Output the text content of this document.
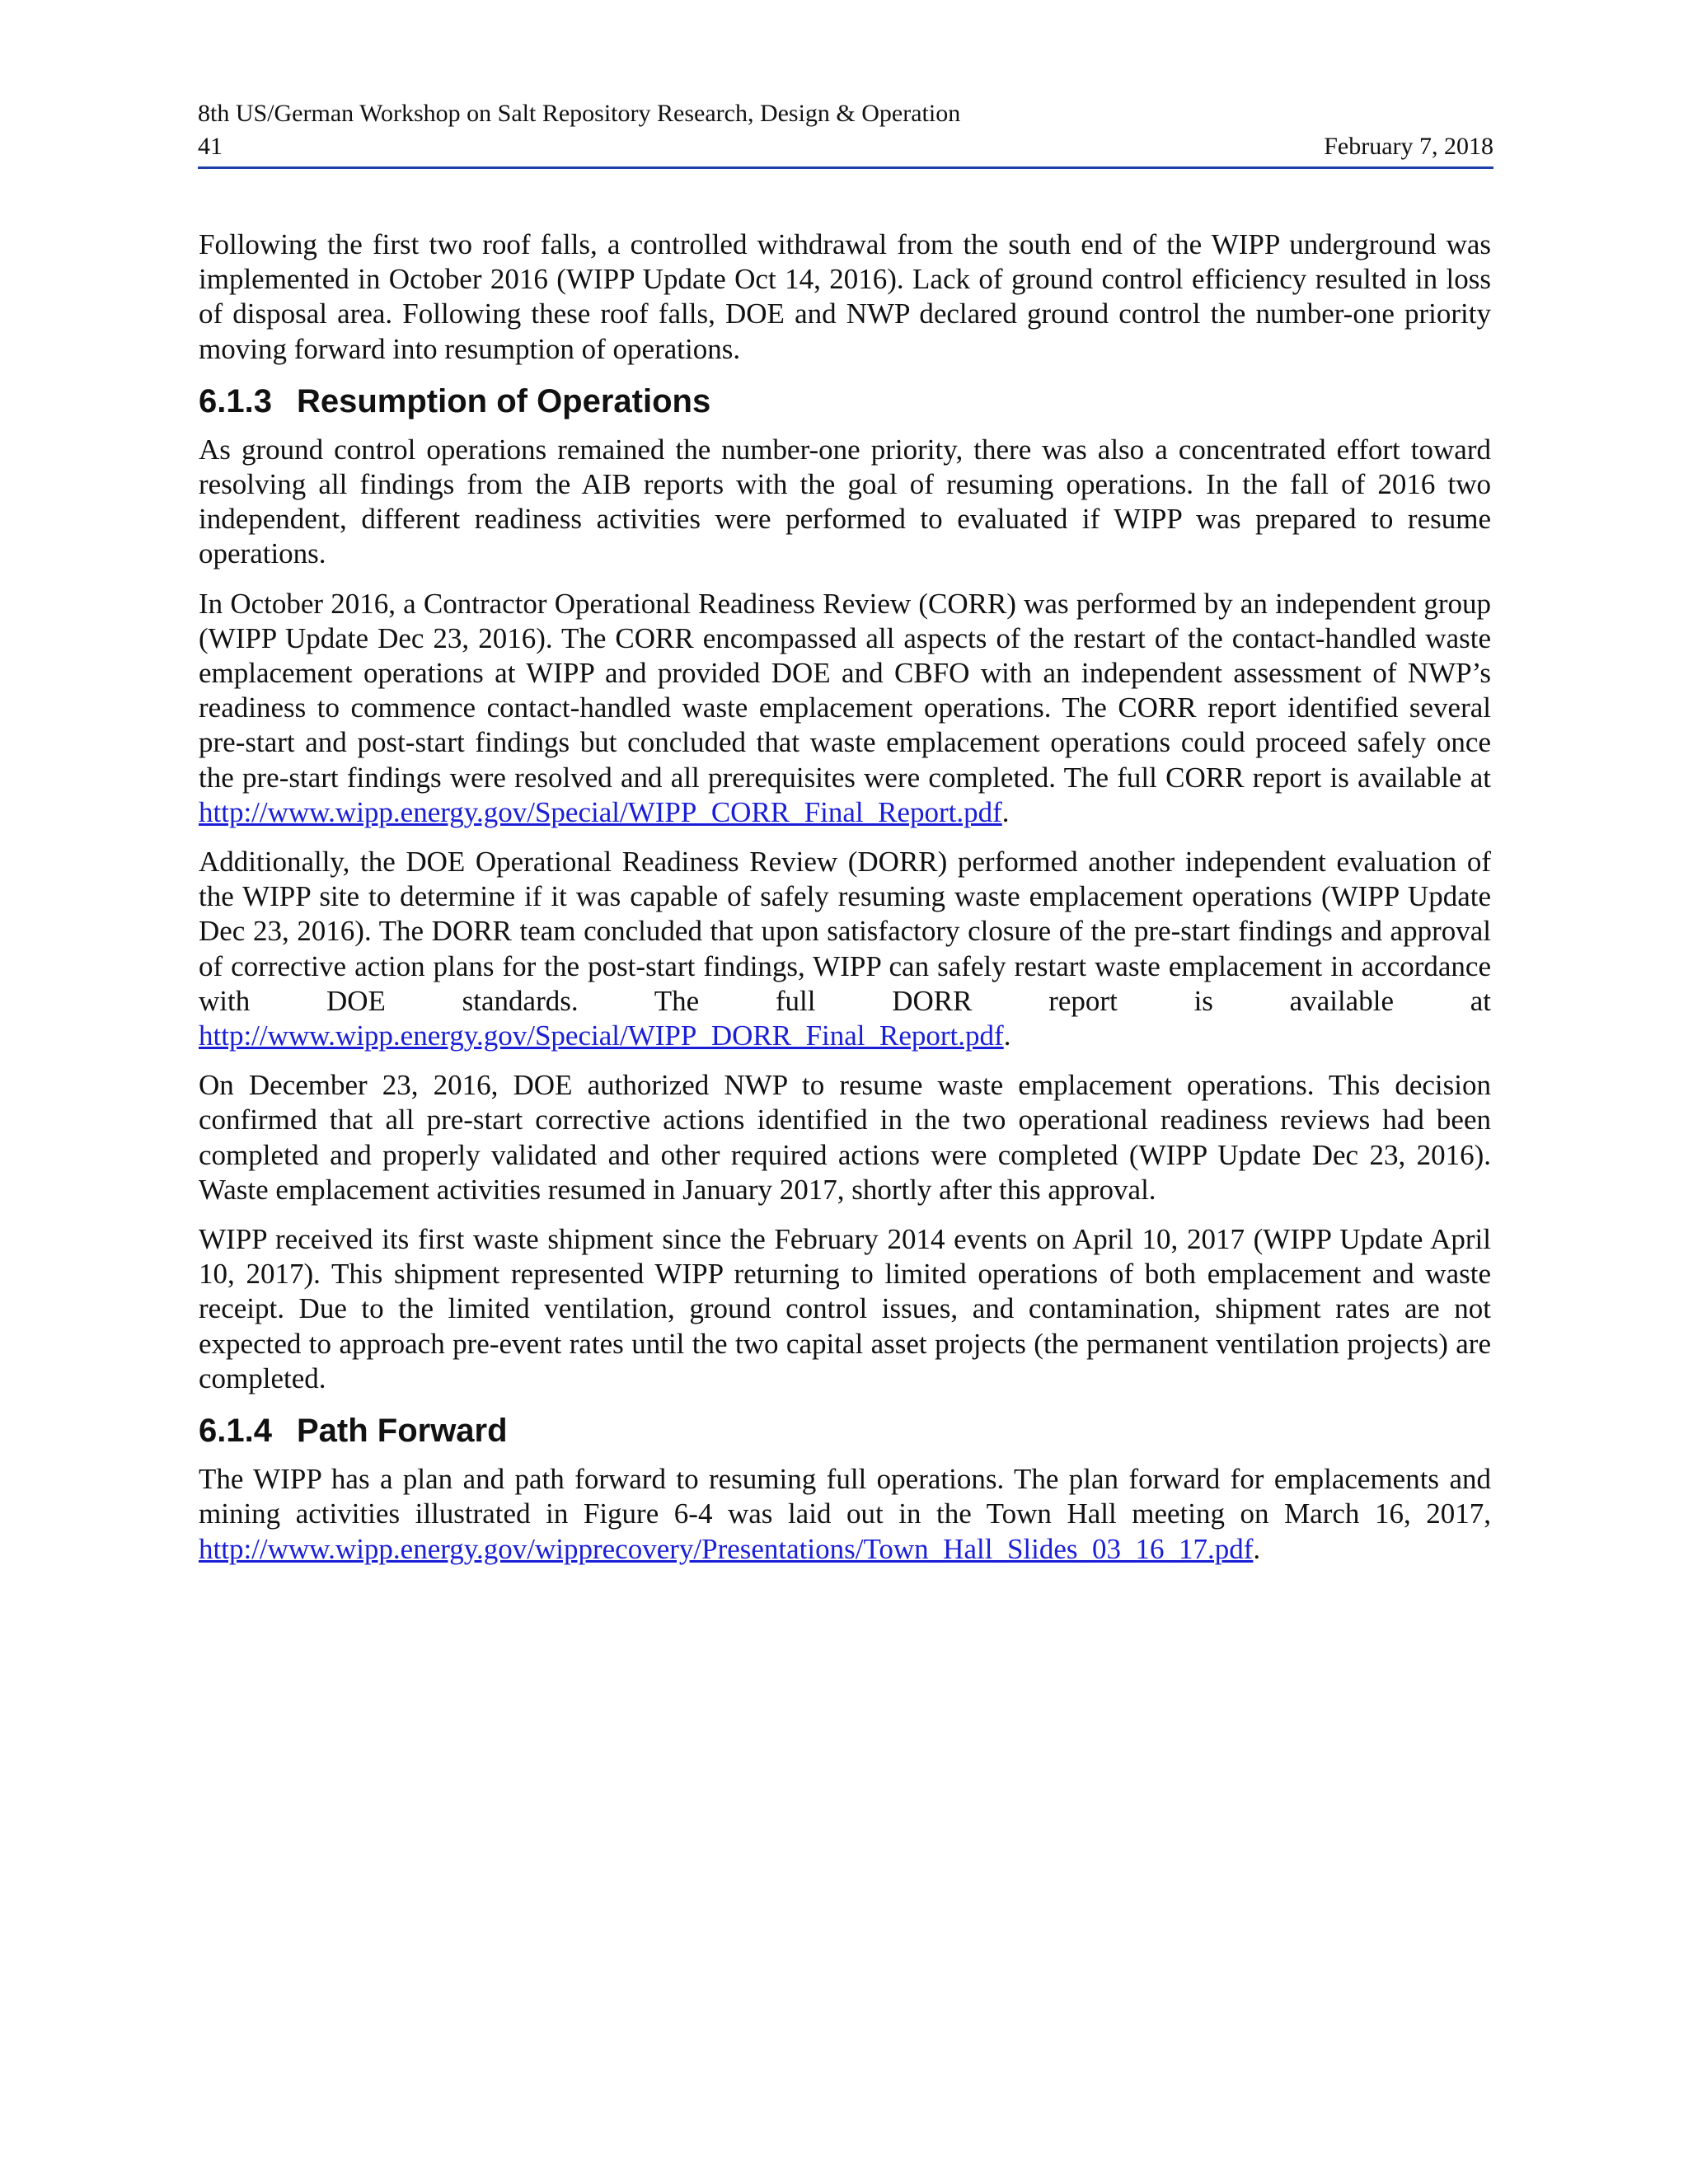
8th US/German Workshop on Salt Repository Research, Design & Operation
41	February 7, 2018

Following the first two roof falls, a controlled withdrawal from the south end of the WIPP underground was implemented in October 2016 (WIPP Update Oct 14, 2016). Lack of ground control efficiency resulted in loss of disposal area. Following these roof falls, DOE and NWP declared ground control the number-one priority moving forward into resumption of operations.

6.1.3 Resumption of Operations

As ground control operations remained the number-one priority, there was also a concentrated effort toward resolving all findings from the AIB reports with the goal of resuming operations. In the fall of 2016 two independent, different readiness activities were performed to evaluated if WIPP was prepared to resume operations.

In October 2016, a Contractor Operational Readiness Review (CORR) was performed by an independent group (WIPP Update Dec 23, 2016). The CORR encompassed all aspects of the restart of the contact-handled waste emplacement operations at WIPP and provided DOE and CBFO with an independent assessment of NWP’s readiness to commence contact-handled waste emplacement operations. The CORR report identified several pre-start and post-start findings but concluded that waste emplacement operations could proceed safely once the pre-start findings were resolved and all prerequisites were completed. The full CORR report is available at http://www.wipp.energy.gov/Special/WIPP_CORR_Final_Report.pdf.

Additionally, the DOE Operational Readiness Review (DORR) performed another independent evaluation of the WIPP site to determine if it was capable of safely resuming waste emplacement operations (WIPP Update Dec 23, 2016). The DORR team concluded that upon satisfactory closure of the pre-start findings and approval of corrective action plans for the post-start findings, WIPP can safely restart waste emplacement in accordance with DOE standards. The full DORR report is available at http://www.wipp.energy.gov/Special/WIPP_DORR_Final_Report.pdf.

On December 23, 2016, DOE authorized NWP to resume waste emplacement operations. This decision confirmed that all pre-start corrective actions identified in the two operational readiness reviews had been completed and properly validated and other required actions were completed (WIPP Update Dec 23, 2016). Waste emplacement activities resumed in January 2017, shortly after this approval.

WIPP received its first waste shipment since the February 2014 events on April 10, 2017 (WIPP Update April 10, 2017). This shipment represented WIPP returning to limited operations of both emplacement and waste receipt. Due to the limited ventilation, ground control issues, and contamination, shipment rates are not expected to approach pre-event rates until the two capital asset projects (the permanent ventilation projects) are completed.

6.1.4 Path Forward

The WIPP has a plan and path forward to resuming full operations. The plan forward for emplacements and mining activities illustrated in Figure 6-4 was laid out in the Town Hall meeting on March 16, 2017, http://www.wipp.energy.gov/wipprecovery/Presentations/Town_Hall_Slides_03_16_17.pdf.
